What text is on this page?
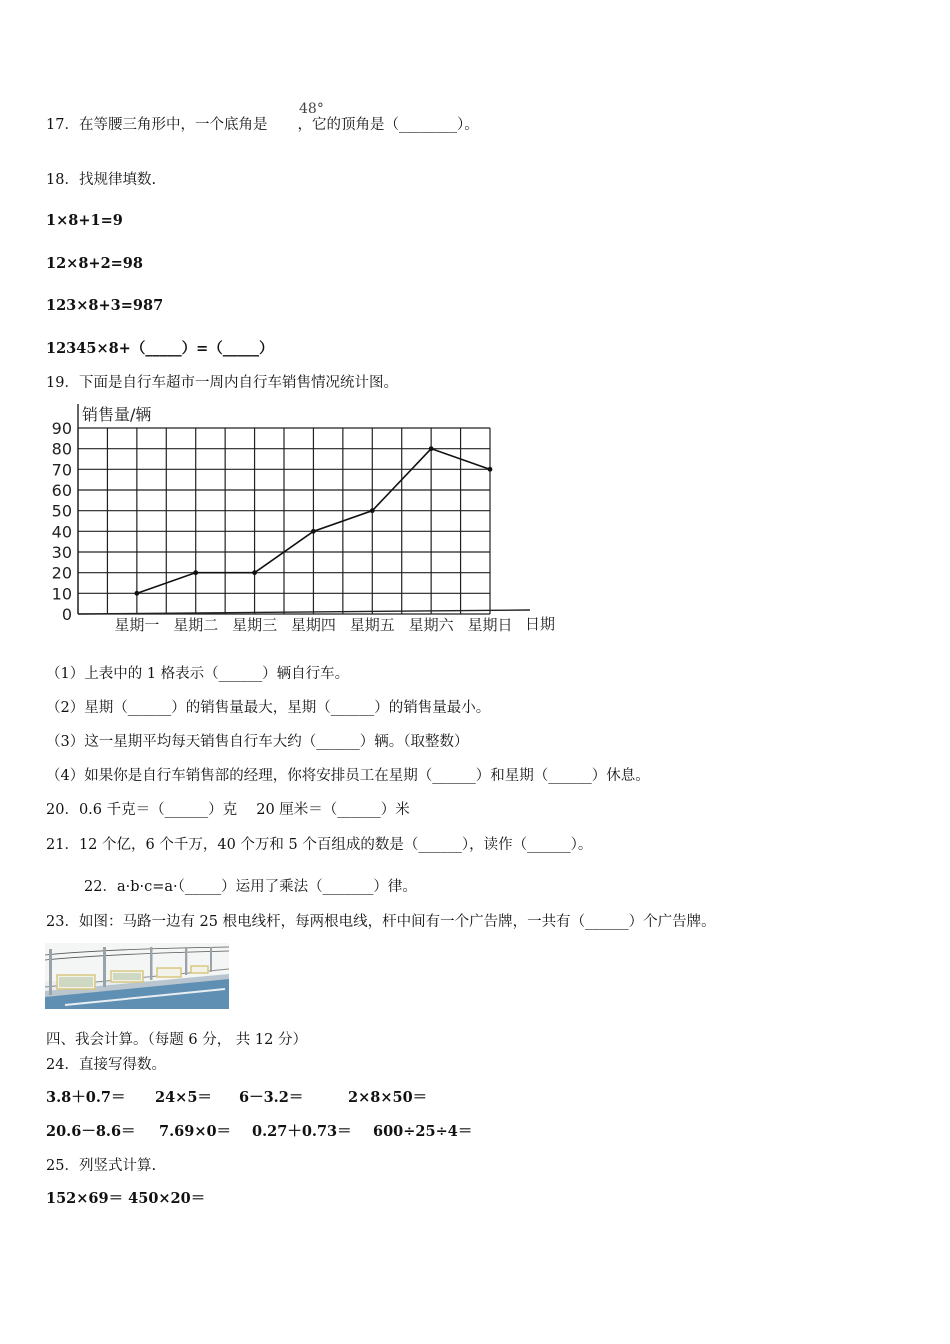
17．在等腰三角形中，一个底角是 ，它的顶角是（________）。
48°
18．找规律填数.
1×8+1=9
12×8+2=98
123×8+3=987
12345×8+（_____）=（_____）
19．下面是自行车超市一周内自行车销售情况统计图。
0
10
20
30
40
50
60
70
80
90
星期一 星期二 星期三 星期四 星期五 星期六 星期日
销售量/辆
日期
（1）上表中的 1 格表示（______）辆自行车。
（2）星期（______）的销售量最大，星期（______）的销售量最小。
（3）这一星期平均每天销售自行车大约（______）辆。（取整数）
（4）如果你是自行车销售部的经理，你将安排员工在星期（______）和星期（______）休息。
20．0.6 千克＝（______）克　 20 厘米＝（______）米
21．12 个亿，6 个千万，40 个万和 5 个百组成的数是（______），读作（______）。
22．a·b·c=a·（_____）运用了乘法（_______）律。
23．如图：马路一边有 25 根电线杆，每两根电线，杆中间有一个广告牌，一共有（______）个广告牌。
四、我会计算。（每题 6 分， 共 12 分）
24．直接写得数。
3.8＋0.7＝ 24×5＝ 6－3.2＝	2×8×50＝
20.6－8.6＝ 7.69×0＝ 0.27＋0.73＝ 600÷25÷4＝
25．列竖式计算.
152×69＝ 450×20＝
